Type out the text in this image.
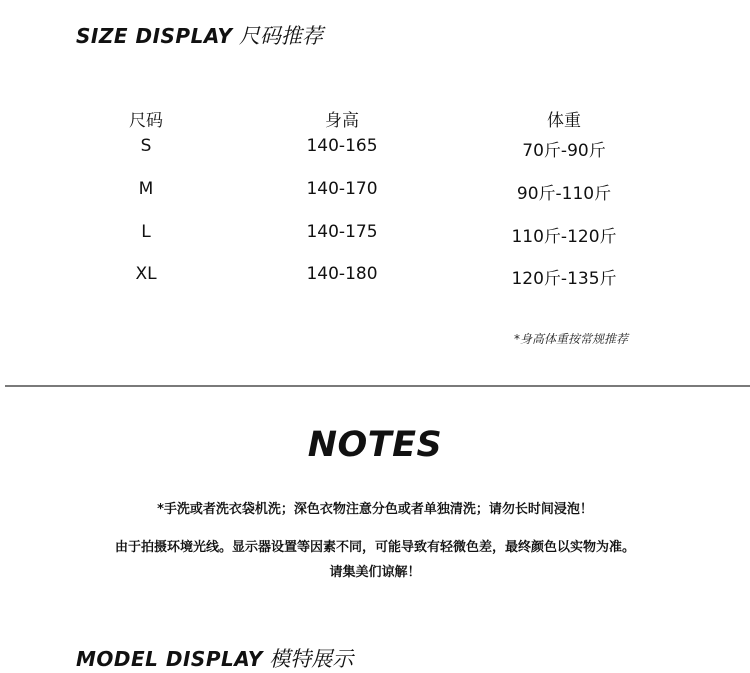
SIZE DISPLAY 尺码推荐
尺码	身高	体重
S	140-165	70斤-90斤
M	140-170	90斤-110斤
L	140-175	110斤-120斤
XL	140-180	120斤-135斤
*身高体重按常规推荐
NOTES
*手洗或者洗衣袋机洗；深色衣物注意分色或者单独清洗；请勿长时间浸泡！
由于拍摄环境光线。显示器设置等因素不同，可能导致有轻微色差，最终颜色以实物为准。
请集美们谅解！
MODEL DISPLAY 模特展示
